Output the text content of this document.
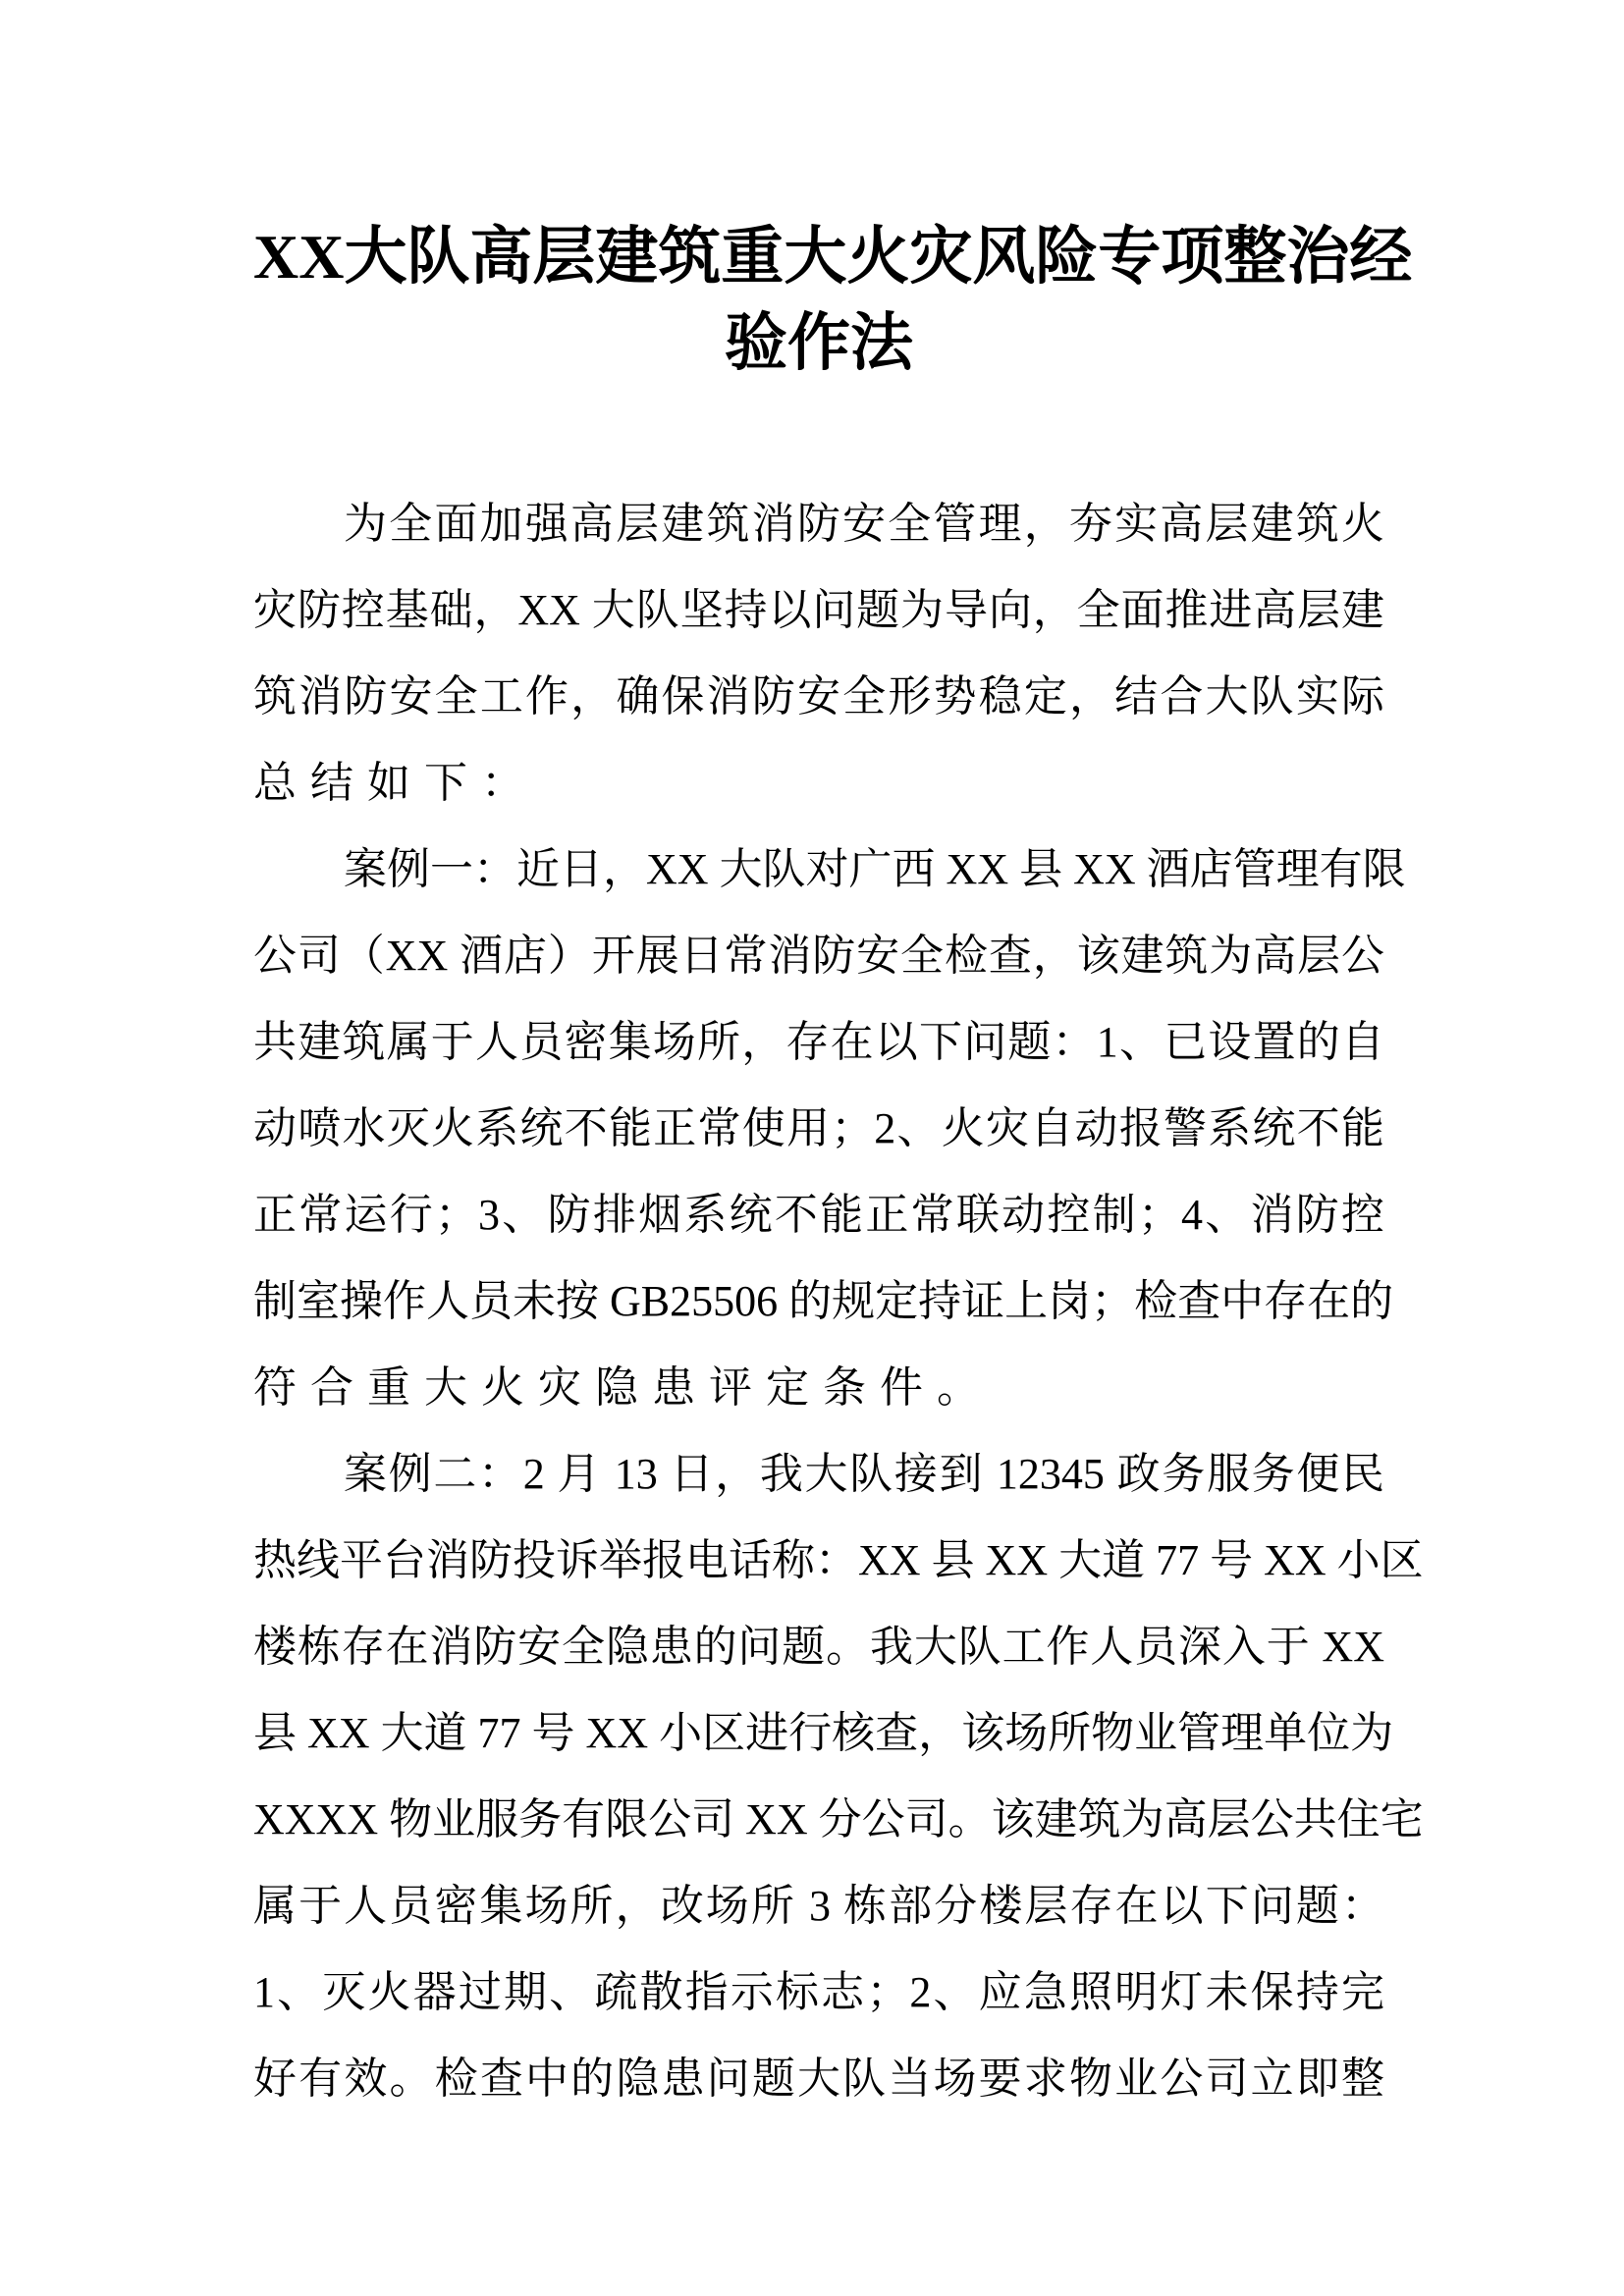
XX大队高层建筑重大火灾风险专项整治经
验作法
为全面加强高层建筑消防安全管理，夯实高层建筑火
灾防控基础，XX 大队坚持以问题为导向，全面推进高层建
筑消防安全工作，确保消防安全形势稳定，结合大队实际
总结如下：
案例一：近日，XX 大队对广西 XX 县 XX 酒店管理有限
公司（XX 酒店）开展日常消防安全检查，该建筑为高层公
共建筑属于人员密集场所，存在以下问题：1、已设置的自
动喷水灭火系统不能正常使用；2、火灾自动报警系统不能
正常运行；3、防排烟系统不能正常联动控制；4、消防控
制室操作人员未按 GB25506 的规定持证上岗；检查中存在的
符合重大火灾隐患评定条件。
案例二：2 月 13 日，我大队接到 12345 政务服务便民
热线平台消防投诉举报电话称：XX 县 XX 大道 77 号 XX 小区
楼栋存在消防安全隐患的问题。我大队工作人员深入于 XX
县 XX 大道 77 号 XX 小区进行核查，该场所物业管理单位为
XXXX 物业服务有限公司 XX 分公司。该建筑为高层公共住宅
属于人员密集场所，改场所 3 栋部分楼层存在以下问题：
1、灭火器过期、疏散指示标志；2、应急照明灯未保持完
好有效。检查中的隐患问题大队当场要求物业公司立即整
